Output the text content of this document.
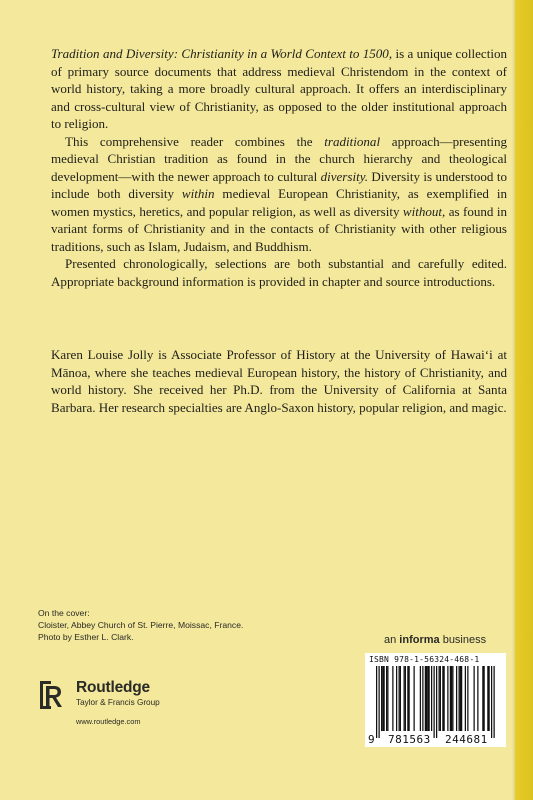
Tradition and Diversity: Christianity in a World Context to 1500, is a unique collection of primary source documents that address medieval Christendom in the context of world history, taking a more broadly cultural approach. It offers an interdisciplinary and cross-cultural view of Christianity, as opposed to the older institutional approach to religion.

This comprehensive reader combines the traditional approach—presenting medieval Christian tradition as found in the church hierarchy and theological development—with the newer approach to cultural diversity. Diversity is understood to include both diversity within medieval European Christianity, as exemplified in women mystics, heretics, and popular religion, as well as diversity without, as found in variant forms of Christianity and in the contacts of Christianity with other religious traditions, such as Islam, Judaism, and Buddhism.

Presented chronologically, selections are both substantial and carefully edited. Appropriate background information is provided in chapter and source introductions.

Karen Louise Jolly is Associate Professor of History at the University of Hawaiʻi at Mānoa, where she teaches medieval European history, the history of Christianity, and world history. She received her Ph.D. from the University of California at Santa Barbara. Her research specialties are Anglo-Saxon history, popular religion, and magic.

On the cover:
Cloister, Abbey Church of St. Pierre, Moissac, France.
Photo by Esther L. Clark.
Routledge
Taylor & Francis Group
www.routledge.com
an informa business
ISBN 978-1-56324-468-1
9 781563 244681
